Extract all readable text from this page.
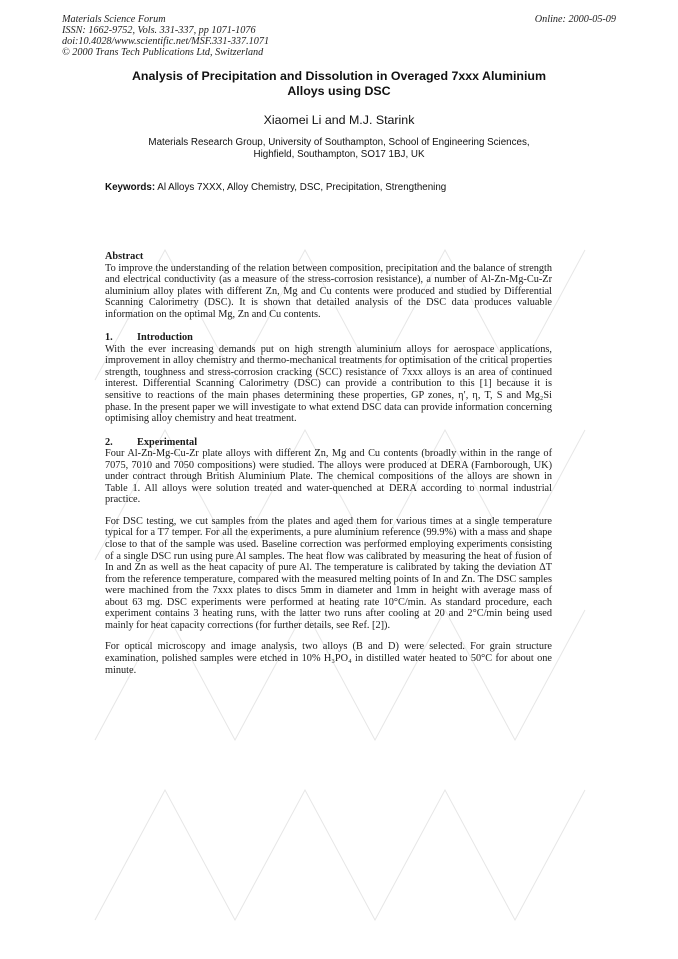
Materials Science Forum
ISSN: 1662-9752, Vols. 331-337, pp 1071-1076
doi:10.4028/www.scientific.net/MSF.331-337.1071
© 2000 Trans Tech Publications Ltd, Switzerland
Online: 2000-05-09
Analysis of Precipitation and Dissolution in Overaged 7xxx Aluminium
Alloys using DSC
Xiaomei Li and M.J. Starink
Materials Research Group, University of Southampton, School of Engineering Sciences,
Highfield, Southampton, SO17 1BJ, UK
Keywords: Al Alloys 7XXX, Alloy Chemistry, DSC, Precipitation, Strengthening
Abstract

To improve the understanding of the relation between composition, precipitation and the balance of strength and electrical conductivity (as a measure of the stress-corrosion resistance), a number of Al-Zn-Mg-Cu-Zr aluminium alloy plates with different Zn, Mg and Cu contents were produced and studied by Differential Scanning Calorimetry (DSC). It is shown that detailed analysis of the DSC data produces valuable information on the optimal Mg, Zn and Cu contents.

1. Introduction

With the ever increasing demands put on high strength aluminium alloys for aerospace applications, improvement in alloy chemistry and thermo-mechanical treatments for optimisation of the critical properties strength, toughness and stress-corrosion cracking (SCC) resistance of 7xxx alloys is an area of continued interest. Differential Scanning Calorimetry (DSC) can provide a contribution to this [1] because it is sensitive to reactions of the main phases determining these properties, GP zones, η′, η, T, S and Mg₂Si phase. In the present paper we will investigate to what extend DSC data can provide information concerning optimising alloy chemistry and heat treatment.

2. Experimental

Four Al-Zn-Mg-Cu-Zr plate alloys with different Zn, Mg and Cu contents (broadly within in the range of 7075, 7010 and 7050 compositions) were studied. The alloys were produced at DERA (Farnborough, UK) under contract through British Aluminium Plate. The chemical compositions of the alloys are shown in Table 1. All alloys were solution treated and water-quenched at DERA according to normal industrial practice.

For DSC testing, we cut samples from the plates and aged them for various times at a single temperature typical for a T7 temper. For all the experiments, a pure aluminium reference (99.9%) with a mass and shape close to that of the sample was used. Baseline correction was performed employing experiments consisting of a single DSC run using pure Al samples. The heat flow was calibrated by measuring the heat of fusion of In and Zn as well as the heat capacity of pure Al. The temperature is calibrated by taking the deviation ΔT from the reference temperature, compared with the measured melting points of In and Zn. The DSC samples were machined from the 7xxx plates to discs 5mm in diameter and 1mm in height with average mass of about 63 mg. DSC experiments were performed at heating rate 10°C/min. As standard procedure, each experiment contains 3 heating runs, with the latter two runs after cooling at 20 and 2°C/min being used mainly for heat capacity corrections (for further details, see Ref. [2]).

For optical microscopy and image analysis, two alloys (B and D) were selected. For grain structure examination, polished samples were etched in 10% H₃PO₄ in distilled water heated to 50°C for about one minute.
